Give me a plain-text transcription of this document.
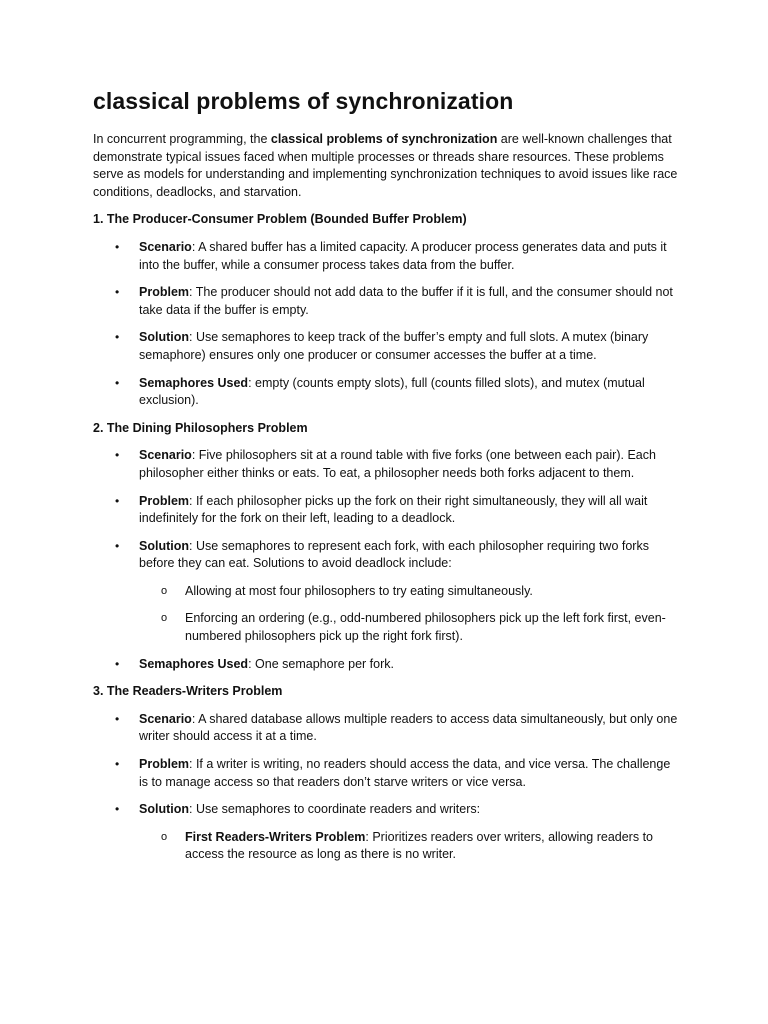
classical problems of synchronization

In concurrent programming, the classical problems of synchronization are well-known challenges that demonstrate typical issues faced when multiple processes or threads share resources. These problems serve as models for understanding and implementing synchronization techniques to avoid issues like race conditions, deadlocks, and starvation.

1. The Producer-Consumer Problem (Bounded Buffer Problem)
• Scenario: A shared buffer has a limited capacity. A producer process generates data and puts it into the buffer, while a consumer process takes data from the buffer.
• Problem: The producer should not add data to the buffer if it is full, and the consumer should not take data if the buffer is empty.
• Solution: Use semaphores to keep track of the buffer’s empty and full slots. A mutex (binary semaphore) ensures only one producer or consumer accesses the buffer at a time.
• Semaphores Used: empty (counts empty slots), full (counts filled slots), and mutex (mutual exclusion).
2. The Dining Philosophers Problem
• Scenario: Five philosophers sit at a round table with five forks (one between each pair). Each philosopher either thinks or eats. To eat, a philosopher needs both forks adjacent to them.
• Problem: If each philosopher picks up the fork on their right simultaneously, they will all wait indefinitely for the fork on their left, leading to a deadlock.
• Solution: Use semaphores to represent each fork, with each philosopher requiring two forks before they can eat. Solutions to avoid deadlock include:
o Allowing at most four philosophers to try eating simultaneously.
o Enforcing an ordering (e.g., odd-numbered philosophers pick up the left fork first, even-numbered philosophers pick up the right fork first).
• Semaphores Used: One semaphore per fork.
3. The Readers-Writers Problem
• Scenario: A shared database allows multiple readers to access data simultaneously, but only one writer should access it at a time.
• Problem: If a writer is writing, no readers should access the data, and vice versa. The challenge is to manage access so that readers don’t starve writers or vice versa.
• Solution: Use semaphores to coordinate readers and writers:
o First Readers-Writers Problem: Prioritizes readers over writers, allowing readers to access the resource as long as there is no writer.
